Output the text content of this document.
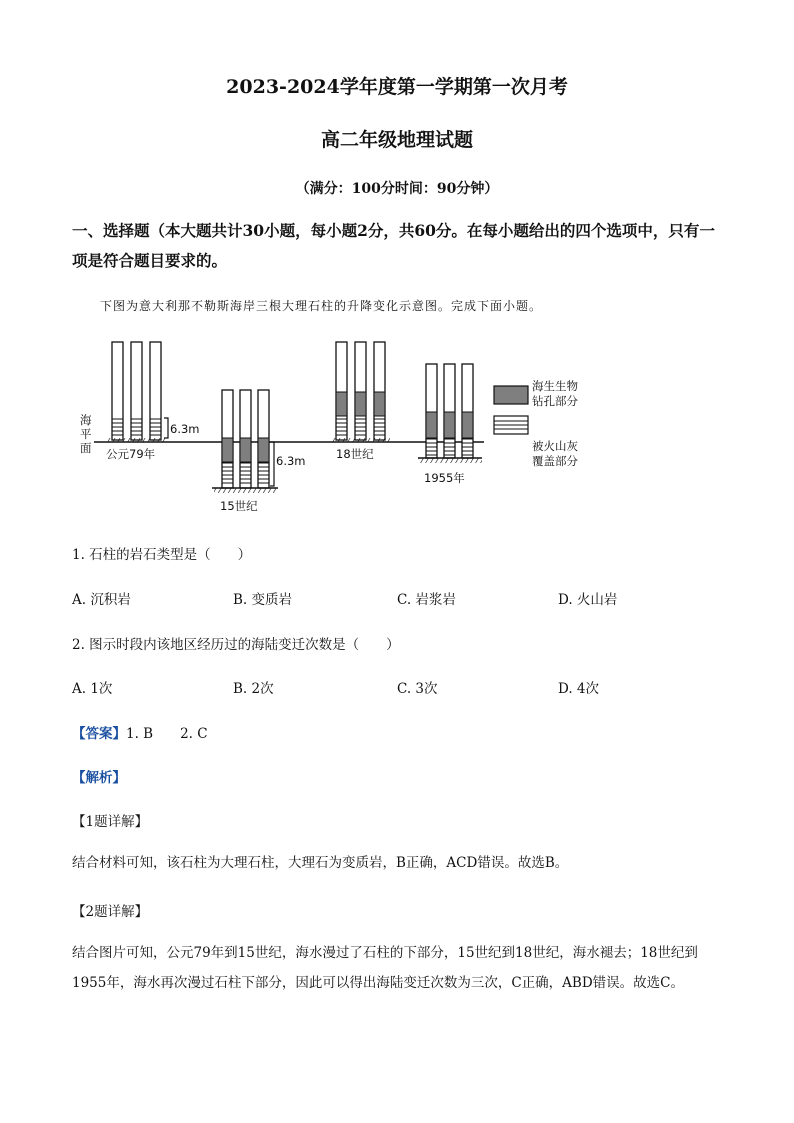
2023-2024学年度第一学期第一次月考
高二年级地理试题
（满分：100分时间：90分钟）
一、选择题（本大题共计30小题，每小题2分，共60分。在每小题给出的四个选项中，只有一项是符合题目要求的。
下图为意大利那不勒斯海岸三根大理石柱的升降变化示意图。完成下面小题。
6.3m
海
平
面 公元79年	6.3m
15世纪
18世纪
1955年
海生生物
钻孔部分
被火山灰
覆盖部分
1. 石柱的岩石类型是（　　）
A. 沉积岩	B. 变质岩	C. 岩浆岩	D. 火山岩
2. 图示时段内该地区经历过的海陆变迁次数是（　　）
A. 1次	B. 2次	C. 3次	D. 4次
【答案】1. B　　2. C
【解析】
【1题详解】
结合材料可知，该石柱为大理石柱，大理石为变质岩，B正确，ACD错误。故选B。
【2题详解】
结合图片可知，公元79年到15世纪，海水漫过了石柱的下部分，15世纪到18世纪，海水褪去；18世纪到1955年，海水再次漫过石柱下部分，因此可以得出海陆变迁次数为三次，C正确，ABD错误。故选C。
